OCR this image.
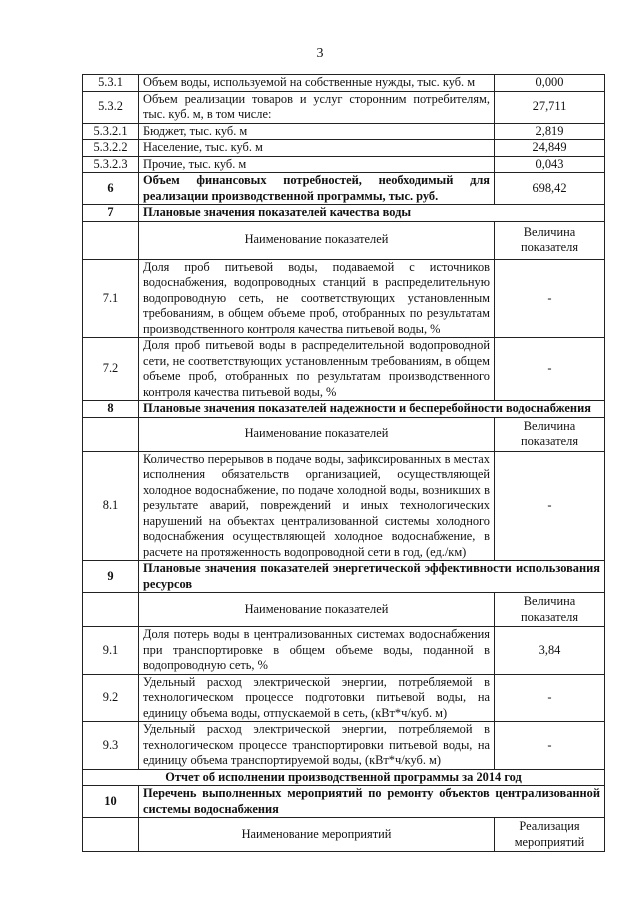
3
5.3.1	Объем воды, используемой на собственные нужды, тыс. куб. м	0,000
5.3.2	Объем реализации товаров и услуг сторонним потребителям, тыс. куб. м, в том числе:	27,711
5.3.2.1	Бюджет, тыс. куб. м	2,819
5.3.2.2	Население, тыс. куб. м	24,849
5.3.2.3	Прочие, тыс. куб. м	0,043
6	Объем финансовых потребностей, необходимый для реализации производственной программы, тыс. руб.	698,42
7	Плановые значения показателей качества воды	
	Наименование показателей	Величина показателя
7.1	Доля проб питьевой воды, подаваемой с источников водоснабжения, водопроводных станций в распределительную водопроводную сеть, не соответствующих установленным требованиям, в общем объеме проб, отобранных по результатам производственного контроля качества питьевой воды, %	-
7.2	Доля проб питьевой воды в распределительной водопроводной сети, не соответствующих установленным требованиям, в общем объеме проб, отобранных по результатам производственного контроля качества питьевой воды, %	-
8	Плановые значения показателей надежности и бесперебойности водоснабжения	
	Наименование показателей	Величина показателя
8.1	Количество перерывов в подаче воды, зафиксированных в местах исполнения обязательств организацией, осуществляющей холодное водоснабжение, по подаче холодной воды, возникших в результате аварий, повреждений и иных технологических нарушений на объектах централизованной системы холодного водоснабжения осуществляющей холодное водоснабжение, в расчете на протяженность водопроводной сети в год, (ед./км)	-
9	Плановые значения показателей энергетической эффективности использования ресурсов	
	Наименование показателей	Величина показателя
9.1	Доля потерь воды в централизованных системах водоснабжения при транспортировке в общем объеме воды, поданной в водопроводную сеть, %	3,84
9.2	Удельный расход электрической энергии, потребляемой в технологическом процессе подготовки питьевой воды, на единицу объема воды, отпускаемой в сеть, (кВт*ч/куб. м)	-
9.3	Удельный расход электрической энергии, потребляемой в технологическом процессе транспортировки питьевой воды, на единицу объема транспортируемой воды, (кВт*ч/куб. м)	-
Отчет об исполнении производственной программы за 2014 год		
10	Перечень выполненных мероприятий по ремонту объектов централизованной системы водоснабжения	
	Наименование мероприятий	Реализация мероприятий
